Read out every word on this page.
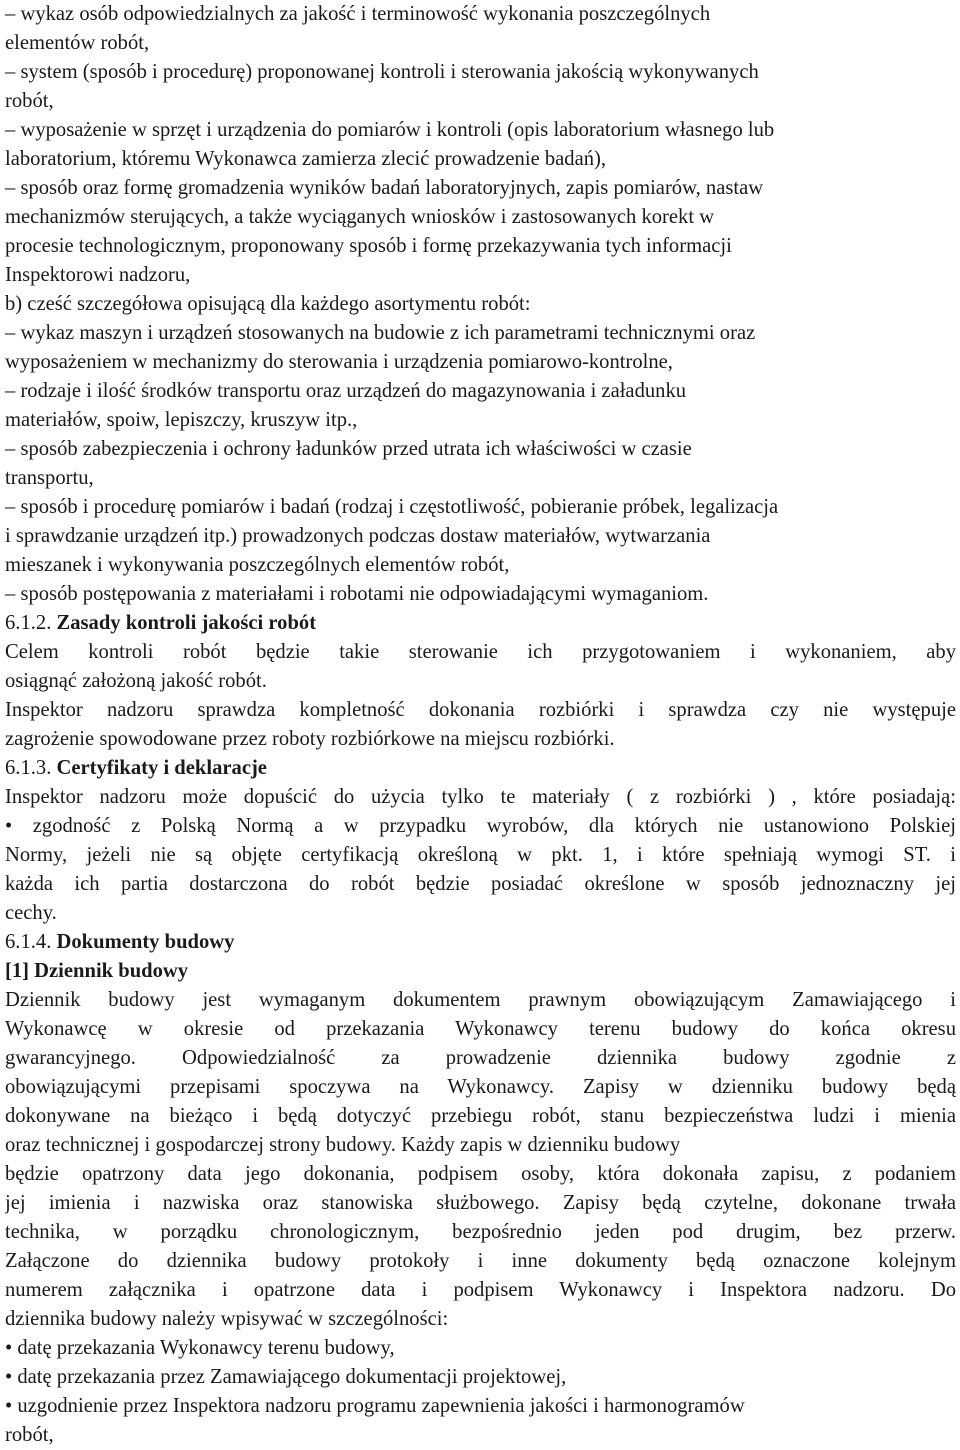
– wykaz osób odpowiedzialnych za jakość i terminowość wykonania poszczególnych
elementów robót,
– system (sposób i procedurę) proponowanej kontroli i sterowania jakością wykonywanych
robót,
– wyposażenie w sprzęt i urządzenia do pomiarów i kontroli (opis laboratorium własnego lub
laboratorium, któremu Wykonawca zamierza zlecić prowadzenie badań),
– sposób oraz formę gromadzenia wyników badań laboratoryjnych, zapis pomiarów, nastaw
mechanizmów sterujących, a także wyciąganych wniosków i zastosowanych korekt w
procesie technologicznym, proponowany sposób i formę przekazywania tych informacji
Inspektorowi nadzoru,
b) cześć szczegółowa opisującą dla każdego asortymentu robót:
– wykaz maszyn i urządzeń stosowanych na budowie z ich parametrami technicznymi oraz
wyposażeniem w mechanizmy do sterowania i urządzenia pomiarowo-kontrolne,
– rodzaje i ilość środków transportu oraz urządzeń do magazynowania i załadunku
materiałów, spoiw, lepiszczy, kruszyw itp.,
– sposób zabezpieczenia i ochrony ładunków przed utrata ich właściwości w czasie
transportu,
– sposób i procedurę pomiarów i badań (rodzaj i częstotliwość, pobieranie próbek, legalizacja
i sprawdzanie urządzeń itp.) prowadzonych podczas dostaw materiałów, wytwarzania
mieszanek i wykonywania poszczególnych elementów robót,
– sposób postępowania z materiałami i robotami nie odpowiadającymi wymaganiom.
6.1.2. Zasady kontroli jakości robót
Celem kontroli robót będzie takie sterowanie ich przygotowaniem i wykonaniem, aby
osiągnąć założoną jakość robót.
Inspektor nadzoru sprawdza kompletność dokonania rozbiórki i sprawdza czy nie występuje
zagrożenie spowodowane przez roboty rozbiórkowe na miejscu rozbiórki.
6.1.3. Certyfikaty i deklaracje
Inspektor nadzoru może dopuścić do użycia tylko te materiały ( z rozbiórki ) , które posiadają:
• zgodność z Polską Normą a w przypadku wyrobów, dla których nie ustanowiono Polskiej
Normy, jeżeli nie są objęte certyfikacją określoną w pkt. 1, i które spełniają wymogi ST. i
każda ich partia dostarczona do robót będzie posiadać określone w sposób jednoznaczny jej
cechy.
6.1.4. Dokumenty budowy
[1] Dziennik budowy
Dziennik budowy jest wymaganym dokumentem prawnym obowiązującym Zamawiającego i
Wykonawcę w okresie od przekazania Wykonawcy terenu budowy do końca okresu
gwarancyjnego. Odpowiedzialność za prowadzenie dziennika budowy zgodnie z
obowiązującymi przepisami spoczywa na Wykonawcy. Zapisy w dzienniku budowy będą
dokonywane na bieżąco i będą dotyczyć przebiegu robót, stanu bezpieczeństwa ludzi i mienia
oraz technicznej i gospodarczej strony budowy. Każdy zapis w dzienniku budowy
będzie opatrzony data jego dokonania, podpisem osoby, która dokonała zapisu, z podaniem
jej imienia i nazwiska oraz stanowiska służbowego. Zapisy będą czytelne, dokonane trwała
technika, w porządku chronologicznym, bezpośrednio jeden pod drugim, bez przerw.
Załączone do dziennika budowy protokoły i inne dokumenty będą oznaczone kolejnym
numerem załącznika i opatrzone data i podpisem Wykonawcy i Inspektora nadzoru. Do
dziennika budowy należy wpisywać w szczególności:
• datę przekazania Wykonawcy terenu budowy,
• datę przekazania przez Zamawiającego dokumentacji projektowej,
• uzgodnienie przez Inspektora nadzoru programu zapewnienia jakości i harmonogramów
robót,
